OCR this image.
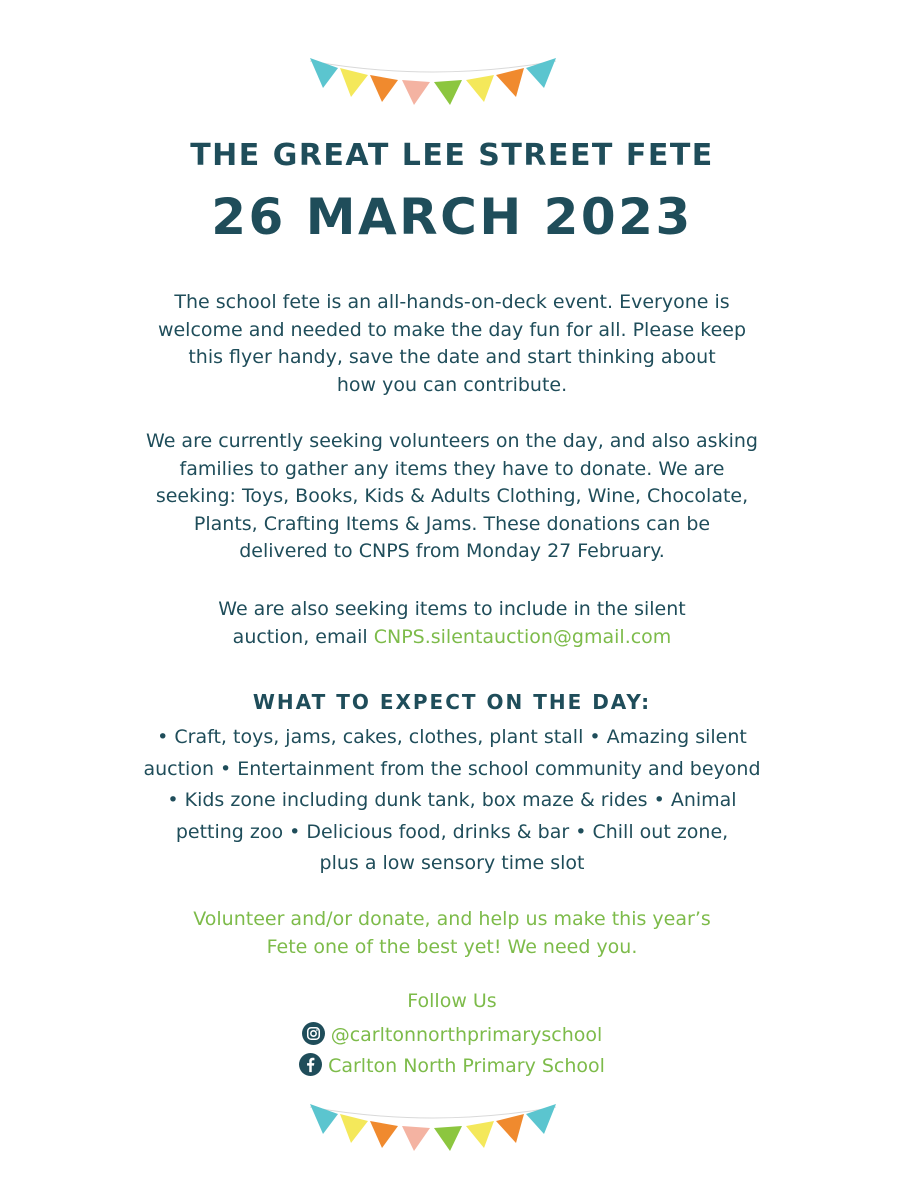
THE GREAT LEE STREET FETE
26 MARCH 2023

The school fete is an all-hands-on-deck event. Everyone is
welcome and needed to make the day fun for all. Please keep
this flyer handy, save the date and start thinking about
how you can contribute.

We are currently seeking volunteers on the day, and also asking
families to gather any items they have to donate. We are
seeking: Toys, Books, Kids & Adults Clothing, Wine, Chocolate,
Plants, Crafting Items & Jams. These donations can be
delivered to CNPS from Monday 27 February.

We are also seeking items to include in the silent
auction, email CNPS.silentauction@gmail.com

WHAT TO EXPECT ON THE DAY:

• Craft, toys, jams, cakes, clothes, plant stall • Amazing silent
auction • Entertainment from the school community and beyond
• Kids zone including dunk tank, box maze & rides • Animal
petting zoo • Delicious food, drinks & bar • Chill out zone,
plus a low sensory time slot

Volunteer and/or donate, and help us make this year’s
Fete one of the best yet! We need you.

Follow Us

@carltonnorthprimaryschool
Carlton North Primary School
